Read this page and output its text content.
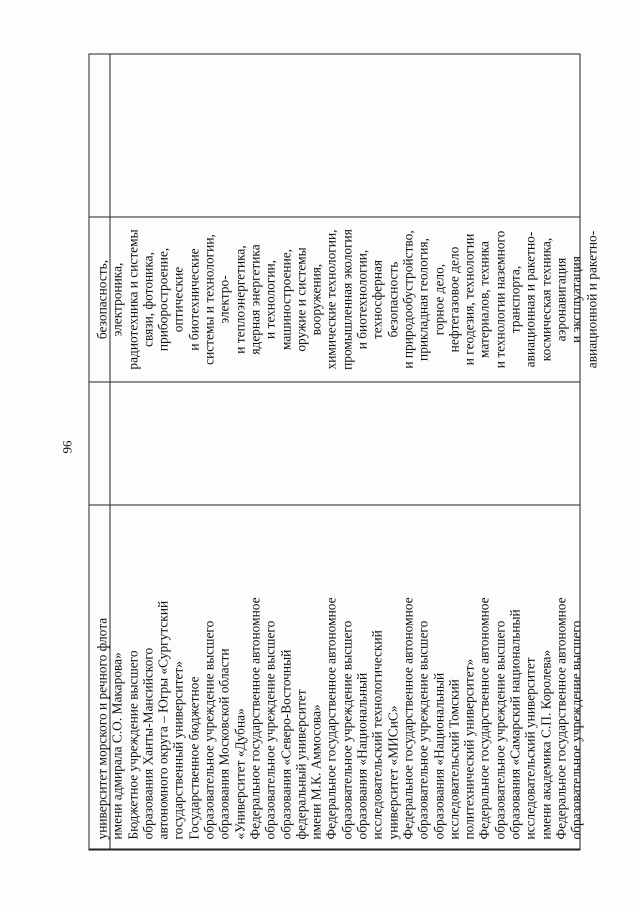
96
университет морского и речного флота имени адмирала С.О. Макарова» Бюджетное учреждение высшего образования Ханты-Мансийского автономного округа – Югры «Сургутский государственный университет» Государственное бюджетное образовательное учреждение высшего образования Московской области «Университет «Дубна» Федеральное государственное автономное образовательное учреждение высшего образования «Северо-Восточный федеральный университет имени М.К. Аммосова» Федеральное государственное автономное образовательное учреждение высшего образования «Национальный исследовательский технологический университет «МИСиС» Федеральное государственное автономное образовательное учреждение высшего образования «Национальный исследовательский Томский политехнический университет» Федеральное государственное автономное образовательное учреждение высшего образования «Самарский национальный исследовательский университет имени академика С.П. Королева» Федеральное государственное автономное образовательное учреждение высшего
безопасность, электроника, радиотехника и системы связи, фотоника, приборостроение, оптические и биотехнические системы и технологии, электро- и теплоэнергетика, ядерная энергетика и технологии, машиностроение, оружие и системы вооружения, химические технологии, промышленная экология и биотехнологии, техносферная безопасность и природообустройство, прикладная геология, горное дело, нефтегазовое дело и геодезия, технологии материалов, техника и технологии наземного транспорта, авиационная и ракетно- космическая техника, аэронавигация и эксплуатация авиационной и ракетно-
